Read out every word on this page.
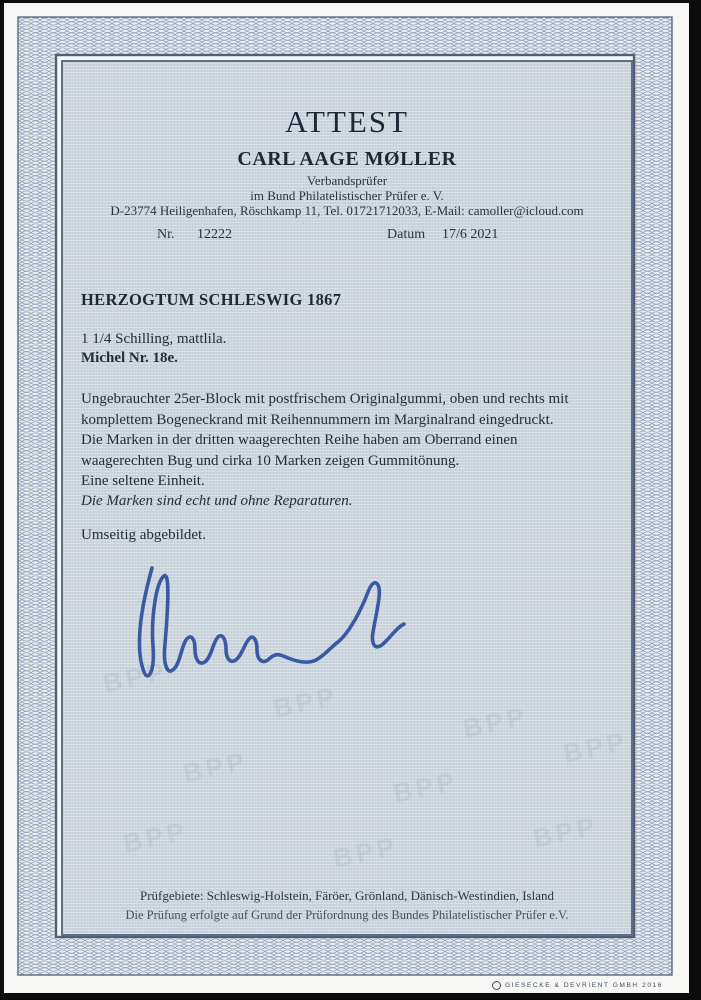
BPP
BPP	BPP
BPP	BPP
BPP
BPP	BPP	BPP
ATTEST
CARL AAGE MØLLER
Verbandsprüfer
im Bund Philatelistischer Prüfer e. V.
D-23774 Heiligenhafen, Röschkamp 11, Tel. 01721712033, E-Mail: camoller@icloud.com
Nr. 12222	Datum 17/6 2021
HERZOGTUM SCHLESWIG 1867
1 1/4 Schilling, mattlila.
Michel Nr. 18e.
Ungebrauchter 25er-Block mit postfrischem Originalgummi, oben und rechts mit
komplettem Bogeneckrand mit Reihennummern im Marginalrand eingedruckt.
Die Marken in der dritten waagerechten Reihe haben am Oberrand einen
waagerechten Bug und cirka 10 Marken zeigen Gummitönung.
Eine seltene Einheit.
Die Marken sind echt und ohne Reparaturen.
Umseitig abgebildet.
Prüfgebiete: Schleswig-Holstein, Färöer, Grönland, Dänisch-Westindien, Island
Die Prüfung erfolgte auf Grund der Prüfordnung des Bundes Philatelistischer Prüfer e.V.
GIESECKE & DEVRIENT GMBH 2016
